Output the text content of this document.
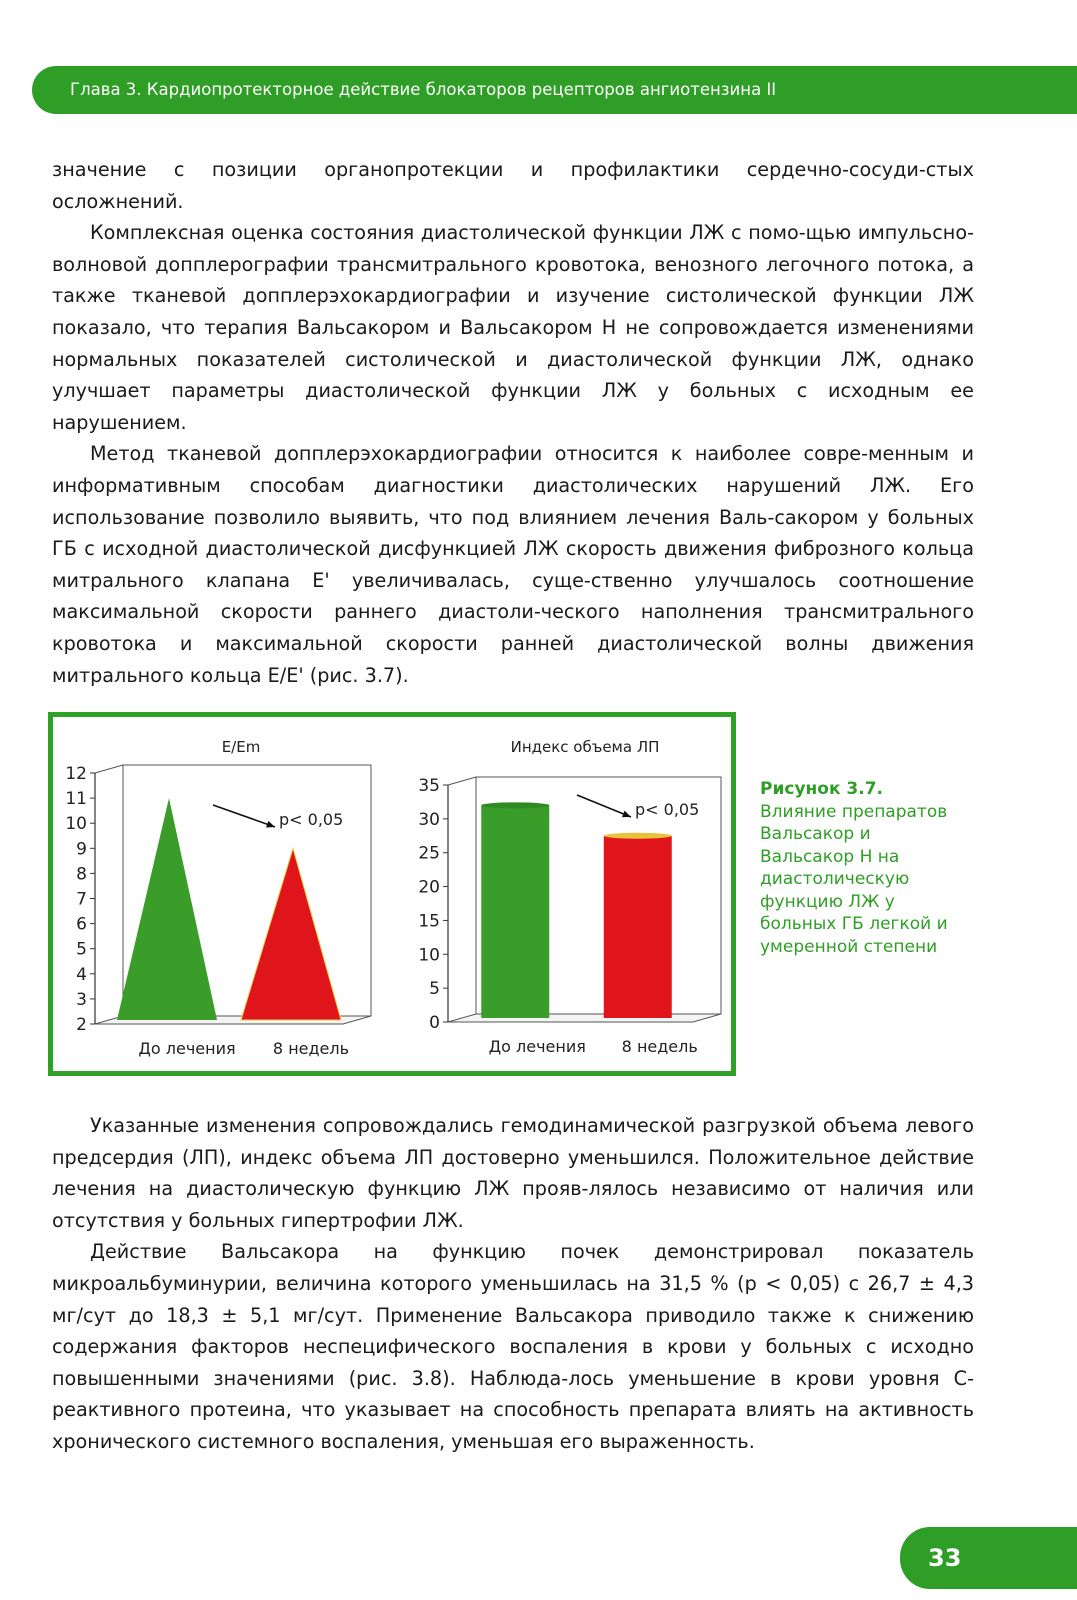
Глава 3. Кардиопротекторное действие блокаторов рецепторов ангиотензина II

значение с позиции органопротекции и профилактики сердечно-сосуди-стых осложнений.

Комплексная оценка состояния диастолической функции ЛЖ с помо-щью импульсно-волновой допплерографии трансмитрального кровотока, венозного легочного потока, а также тканевой допплерэхокардиографии и изучение систолической функции ЛЖ показало, что терапия Вальсакором и Вальсакором Н не сопровождается изменениями нормальных показателей систолической и диастолической функции ЛЖ, однако улучшает параметры диастолической функции ЛЖ у больных с исходным ее нарушением.

Метод тканевой допплерэхокардиографии относится к наиболее совре-менным и информативным способам диагностики диастолических нарушений ЛЖ. Его использование позволило выявить, что под влиянием лечения Валь-сакором у больных ГБ с исходной диастолической дисфункцией ЛЖ скорость движения фиброзного кольца митрального клапана E' увеличивалась, суще-ственно улучшалось соотношение максимальной скорости раннего диастоли-ческого наполнения трансмитрального кровотока и максимальной скорости ранней диастолической волны движения митрального кольца E/E' (рис. 3.7).

E/Em
2
3
4
5
6
7
8
9
10
11
12
До лечения 8 недель
p< 0,05
Индекс объема ЛП
0
5
10
15
20
25
30
35
До лечения 8 недель
p< 0,05
Рисунок 3.7.
Влияние препаратов Вальсакор и Вальсакор Н на диастолическую функцию ЛЖ у больных ГБ легкой и умеренной степени

Указанные изменения сопровождались гемодинамической разгрузкой объема левого предсердия (ЛП), индекс объема ЛП достоверно уменьшился. Положительное действие лечения на диастолическую функцию ЛЖ прояв-лялось независимо от наличия или отсутствия у больных гипертрофии ЛЖ.

Действие Вальсакора на функцию почек демонстрировал показатель микроальбуминурии, величина которого уменьшилась на 31,5 % (р < 0,05) с 26,7 ± 4,3 мг/сут до 18,3 ± 5,1 мг/сут. Применение Вальсакора приводило также к снижению содержания факторов неспецифического воспаления в крови у больных с исходно повышенными значениями (рис. 3.8). Наблюда-лось уменьшение в крови уровня С-реактивного протеина, что указывает на способность препарата влиять на активность хронического системного воспаления, уменьшая его выраженность.

33
